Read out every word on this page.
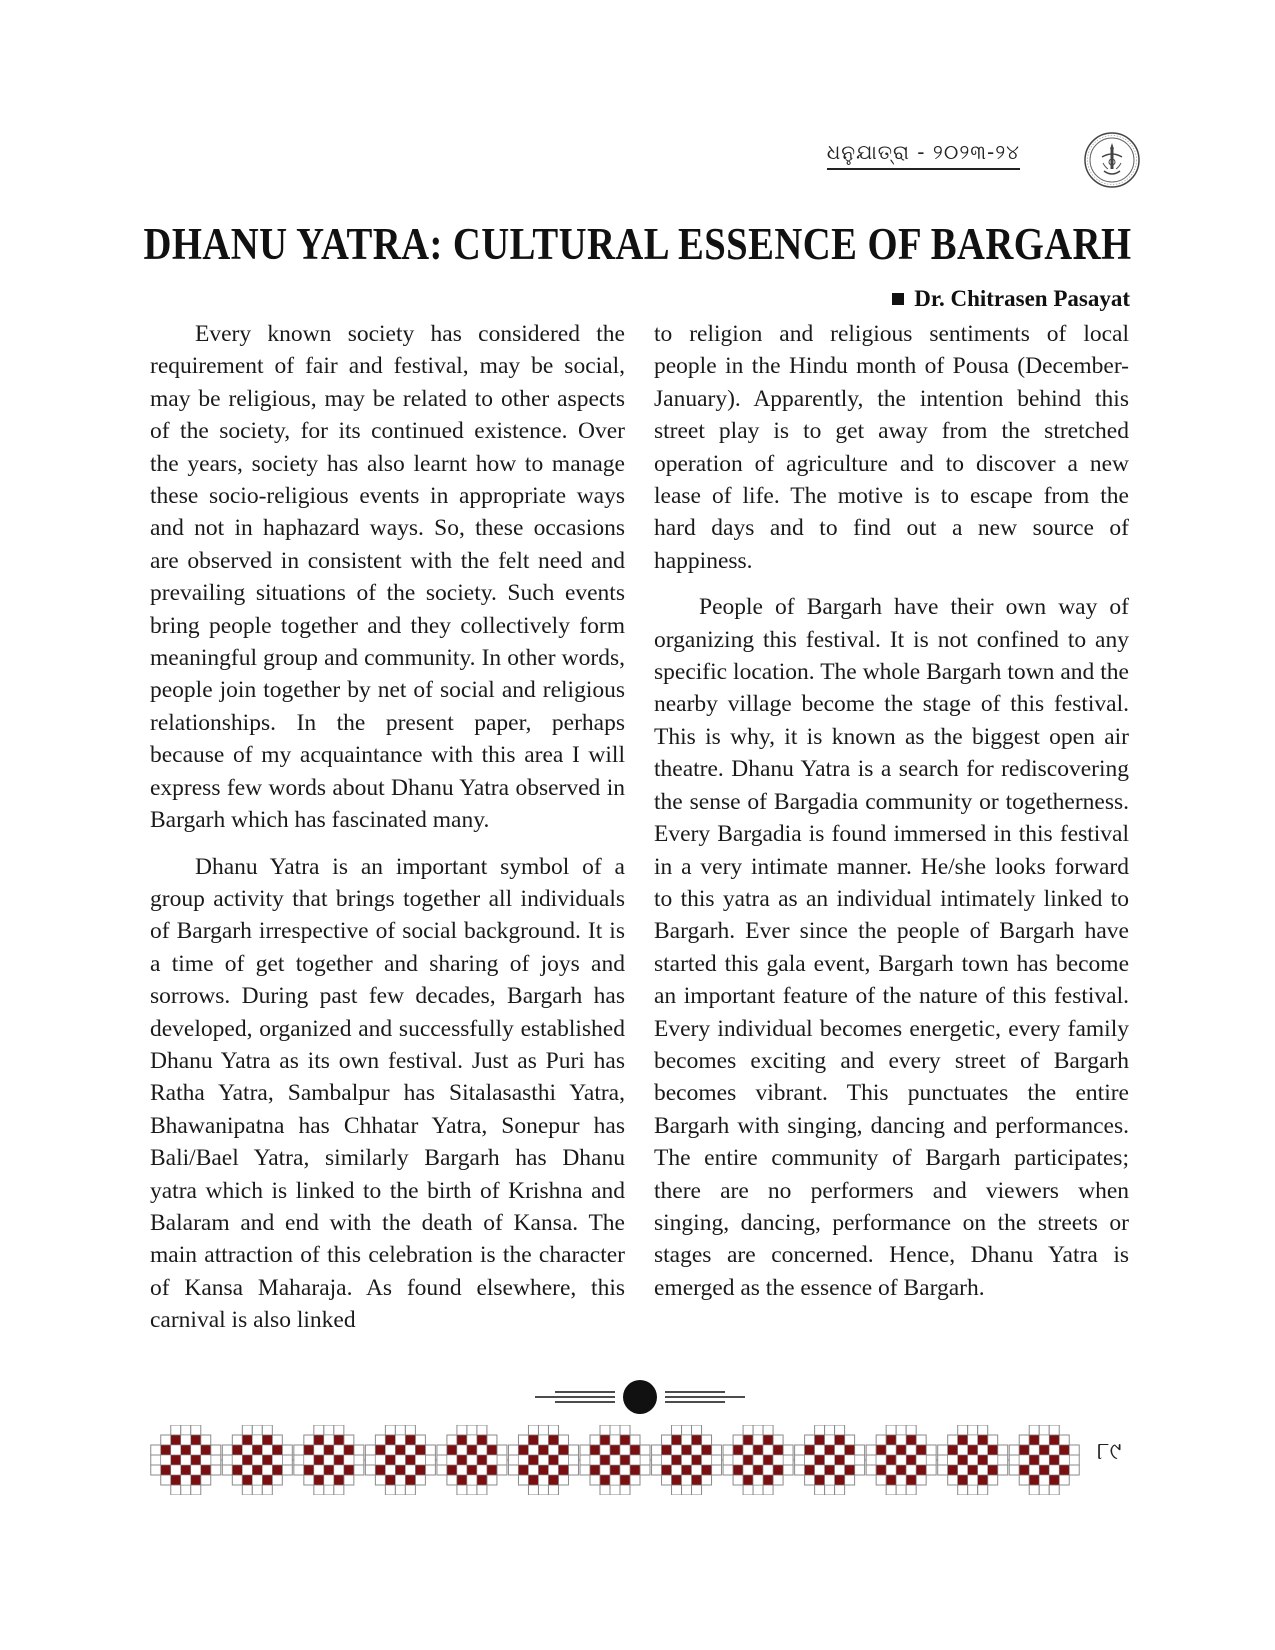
ଧନୁଯାତ୍ରା - ୨୦୨୩-୨୪
DHANU YATRA: CULTURAL ESSENCE OF BARGARH
Dr. Chitrasen Pasayat

Every known society has considered the requirement of fair and festival, may be social, may be religious, may be related to other aspects of the society, for its continued existence. Over the years, society has also learnt how to manage these socio-religious events in appropriate ways and not in haphazard ways. So, these occasions are observed in consistent with the felt need and prevailing situations of the society. Such events bring people together and they collectively form meaningful group and community. In other words, people join together by net of social and religious relationships. In the present paper, perhaps because of my acquaintance with this area I will express few words about Dhanu Yatra observed in Bargarh which has fascinated many.

Dhanu Yatra is an important symbol of a group activity that brings together all individuals of Bargarh irrespective of social background. It is a time of get together and sharing of joys and sorrows. During past few decades, Bargarh has developed, organized and successfully established Dhanu Yatra as its own festival. Just as Puri has Ratha Yatra, Sambalpur has Sitalasasthi Yatra, Bhawanipatna has Chhatar Yatra, Sonepur has Bali/Bael Yatra, similarly Bargarh has Dhanu yatra which is linked to the birth of Krishna and Balaram and end with the death of Kansa. The main attraction of this celebration is the character of Kansa Maharaja. As found elsewhere, this carnival is also linked

to religion and religious sentiments of local people in the Hindu month of Pousa (December-January). Apparently, the intention behind this street play is to get away from the stretched operation of agriculture and to discover a new lease of life. The motive is to escape from the hard days and to find out a new source of happiness.

People of Bargarh have their own way of organizing this festival. It is not confined to any specific location. The whole Bargarh town and the nearby village become the stage of this festival. This is why, it is known as the biggest open air theatre. Dhanu Yatra is a search for rediscovering the sense of Bargadia community or togetherness. Every Bargadia is found immersed in this festival in a very intimate manner. He/she looks forward to this yatra as an individual intimately linked to Bargarh. Ever since the people of Bargarh have started this gala event, Bargarh town has become an important feature of the nature of this festival. Every individual becomes energetic, every family becomes exciting and every street of Bargarh becomes vibrant. This punctuates the entire Bargarh with singing, dancing and performances. The entire community of Bargarh participates; there are no performers and viewers when singing, dancing, performance on the streets or stages are concerned. Hence, Dhanu Yatra is emerged as the essence of Bargarh.

୮୯
